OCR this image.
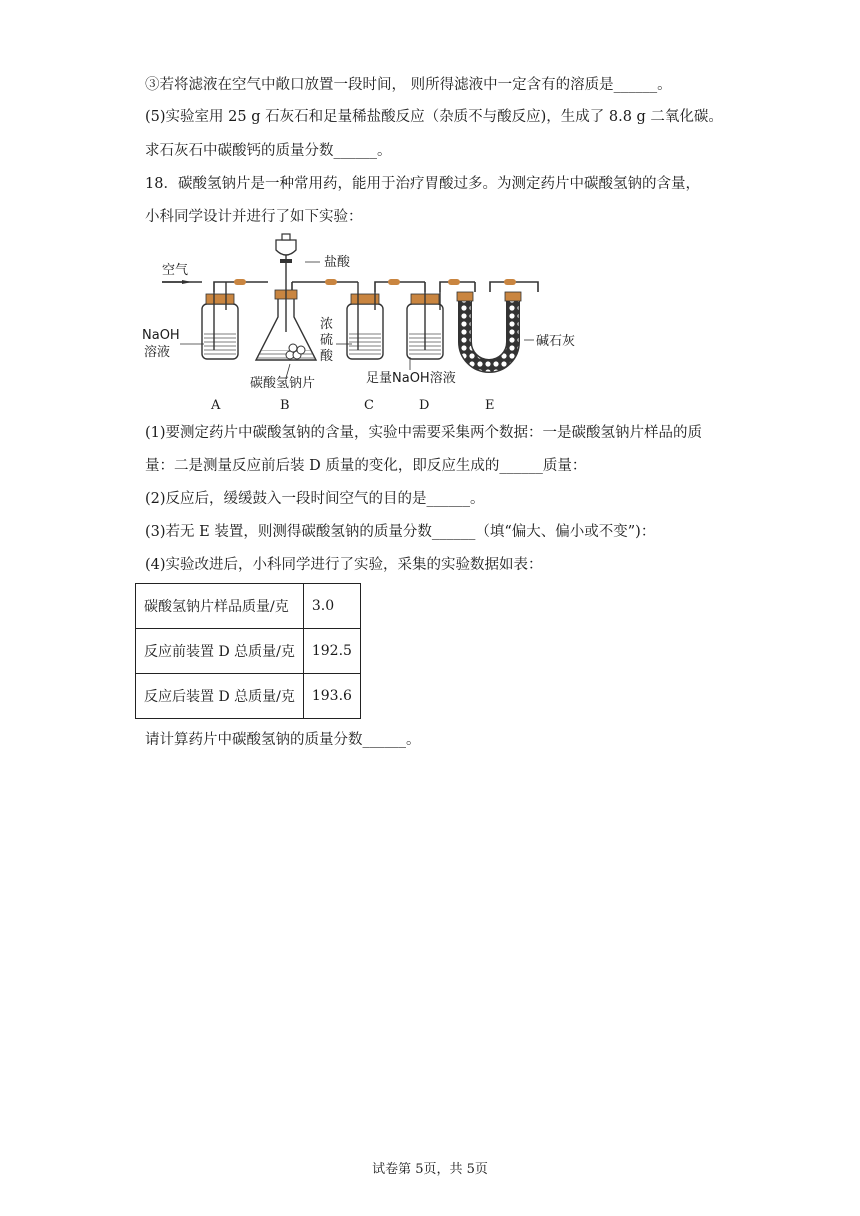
③若将滤液在空气中敞口放置一段时间， 则所得滤液中一定含有的溶质是______。
(5)实验室用 25 g 石灰石和足量稀盐酸反应（杂质不与酸反应)，生成了 8.8 g 二氧化碳。
求石灰石中碳酸钙的质量分数______。
18．碳酸氢钠片是一种常用药，能用于治疗胃酸过多。为测定药片中碳酸氢钠的含量，
小科同学设计并进行了如下实验：
空气
盐酸
NaOH
溶液
碳酸氢钠片
浓
硫
酸
足量NaOH溶液
碱石灰
A	B	C	D	E
(1)要测定药片中碳酸氢钠的含量，实验中需要采集两个数据：一是碳酸氢钠片样品的质
量：二是测量反应前后装 D 质量的变化，即反应生成的______质量：
(2)反应后，缓缓鼓入一段时间空气的目的是______。
(3)若无 E 装置，则测得碳酸氢钠的质量分数______（填“偏大、偏小或不变”)：
(4)实验改进后，小科同学进行了实验，采集的实验数据如表：
碳酸氢钠片样品质量/克	3.0
反应前装置 D 总质量/克	192.5
反应后装置 D 总质量/克	193.6
请计算药片中碳酸氢钠的质量分数______。
试卷第 5页，共 5页
